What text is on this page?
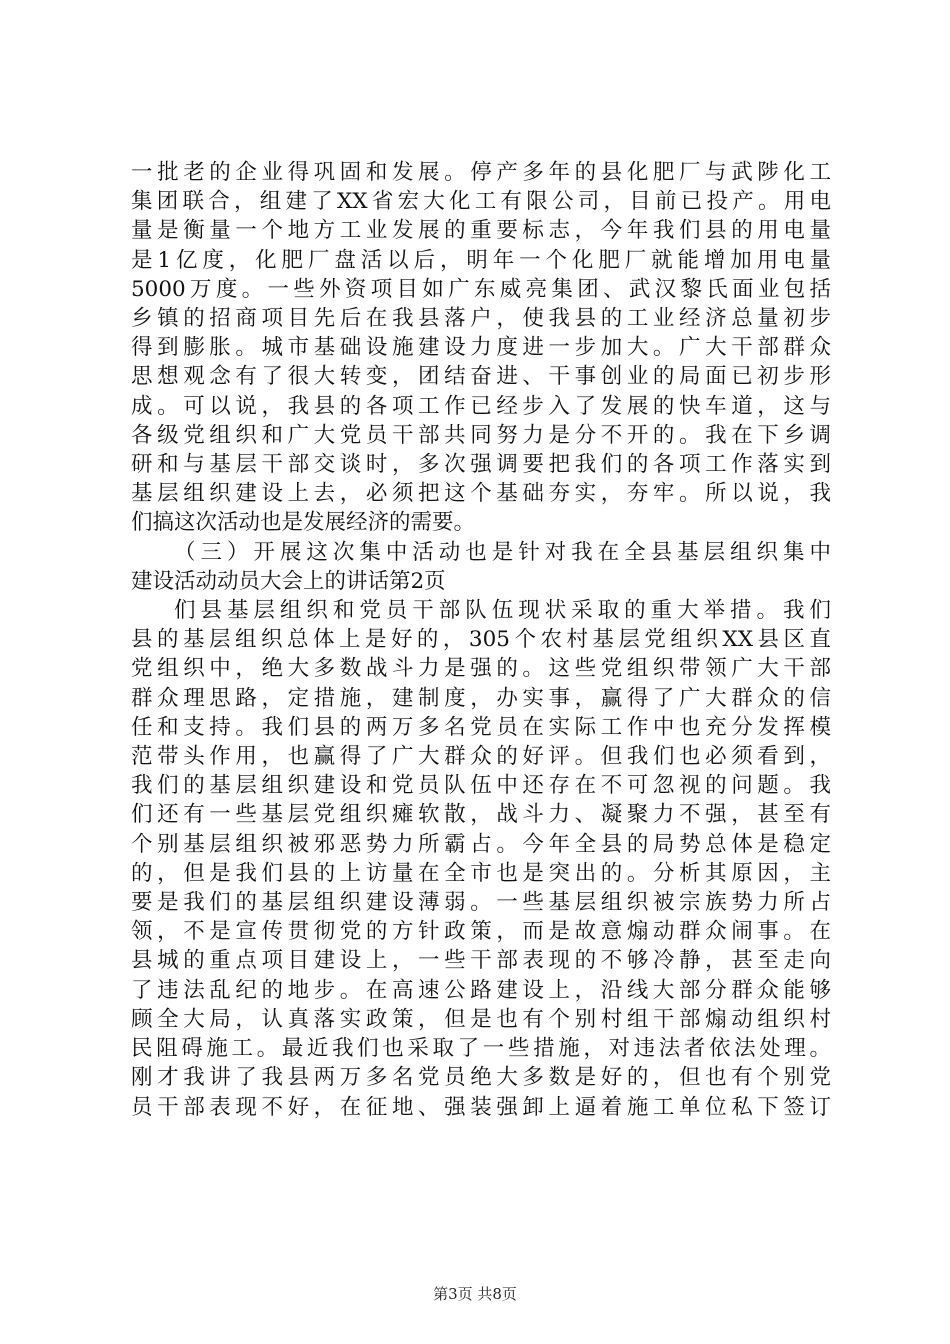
一批老的企业得巩固和发展。停产多年的县化肥厂与武陟化工
集团联合，组建了XX省宏大化工有限公司，目前已投产。用电
量是衡量一个地方工业发展的重要标志，今年我们县的用电量
是1亿度，化肥厂盘活以后，明年一个化肥厂就能增加用电量
5000万度。一些外资项目如广东威亮集团、武汉黎氏面业包括
乡镇的招商项目先后在我县落户，使我县的工业经济总量初步
得到膨胀。城市基础设施建设力度进一步加大。广大干部群众
思想观念有了很大转变，团结奋进、干事创业的局面已初步形
成。可以说，我县的各项工作已经步入了发展的快车道，这与
各级党组织和广大党员干部共同努力是分不开的。我在下乡调
研和与基层干部交谈时，多次强调要把我们的各项工作落实到
基层组织建设上去，必须把这个基础夯实，夯牢。所以说，我
们搞这次活动也是发展经济的需要。

（三）开展这次集中活动也是针对我在全县基层组织集中
建设活动动员大会上的讲话第2页

们县基层组织和党员干部队伍现状采取的重大举措。我们
县的基层组织总体上是好的，305个农村基层党组织XX县区直
党组织中，绝大多数战斗力是强的。这些党组织带领广大干部
群众理思路，定措施，建制度，办实事，赢得了广大群众的信
任和支持。我们县的两万多名党员在实际工作中也充分发挥模
范带头作用，也赢得了广大群众的好评。但我们也必须看到，
我们的基层组织建设和党员队伍中还存在不可忽视的问题。我
们还有一些基层党组织瘫软散，战斗力、凝聚力不强，甚至有
个别基层组织被邪恶势力所霸占。今年全县的局势总体是稳定
的，但是我们县的上访量在全市也是突出的。分析其原因，主
要是我们的基层组织建设薄弱。一些基层组织被宗族势力所占
领，不是宣传贯彻党的方针政策，而是故意煽动群众闹事。在
县城的重点项目建设上，一些干部表现的不够冷静，甚至走向
了违法乱纪的地步。在高速公路建设上，沿线大部分群众能够
顾全大局，认真落实政策，但是也有个别村组干部煽动组织村
民阻碍施工。最近我们也采取了一些措施，对违法者依法处理。
刚才我讲了我县两万多名党员绝大多数是好的，但也有个别党
员干部表现不好，在征地、强装强卸上逼着施工单位私下签订

第3页 共8页
